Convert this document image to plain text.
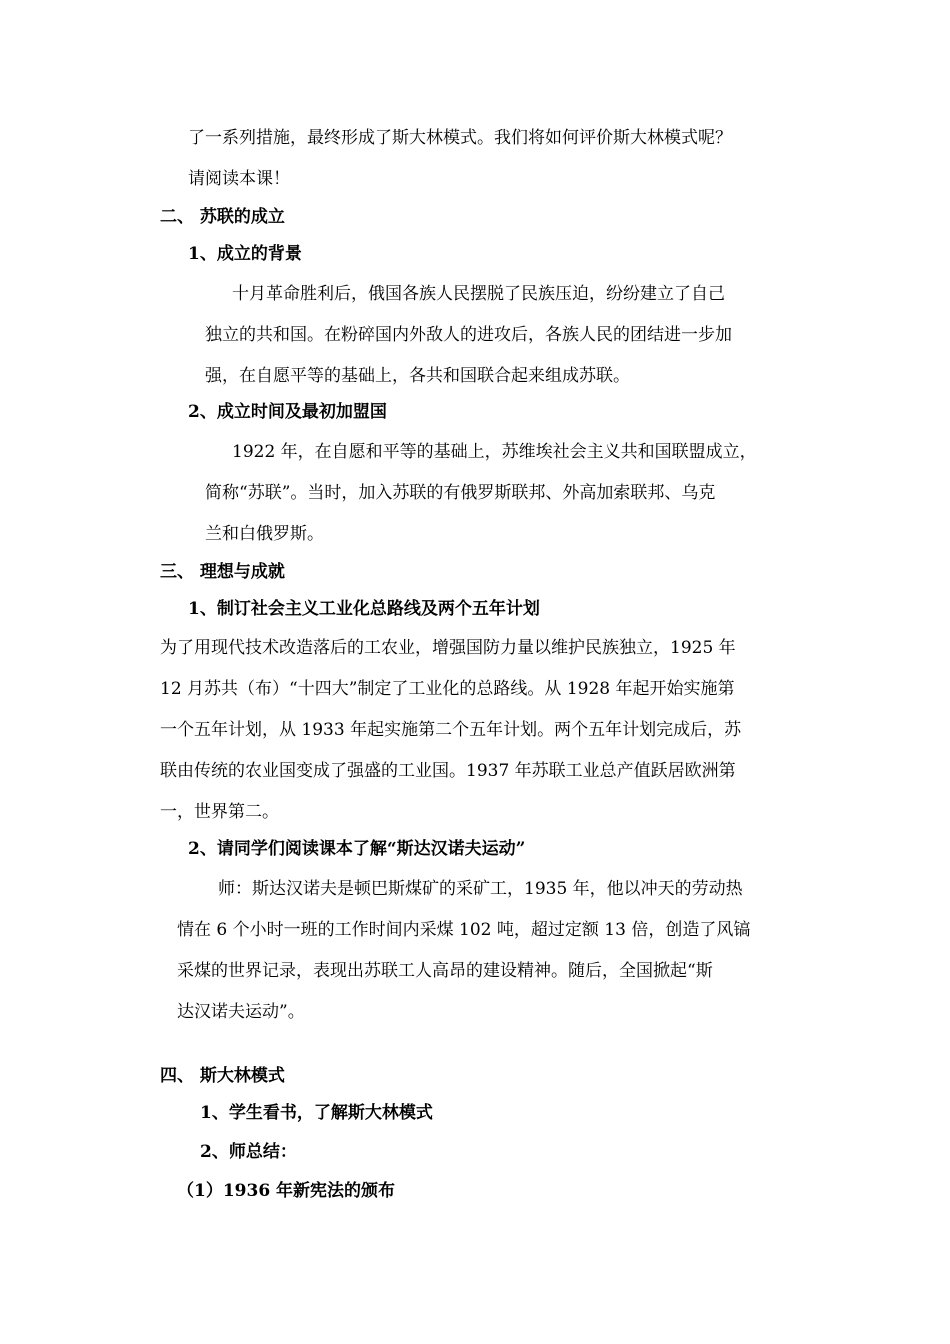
了一系列措施，最终形成了斯大林模式。我们将如何评价斯大林模式呢？
请阅读本课！
二、 苏联的成立
1、成立的背景
十月革命胜利后，俄国各族人民摆脱了民族压迫，纷纷建立了自己
独立的共和国。在粉碎国内外敌人的进攻后，各族人民的团结进一步加
强，在自愿平等的基础上，各共和国联合起来组成苏联。
2、成立时间及最初加盟国
1922 年，在自愿和平等的基础上，苏维埃社会主义共和国联盟成立，
简称“苏联”。当时，加入苏联的有俄罗斯联邦、外高加索联邦、乌克
兰和白俄罗斯。
三、 理想与成就
1、制订社会主义工业化总路线及两个五年计划
为了用现代技术改造落后的工农业，增强国防力量以维护民族独立，1925 年
12 月苏共（布）“十四大”制定了工业化的总路线。从 1928 年起开始实施第
一个五年计划，从 1933 年起实施第二个五年计划。两个五年计划完成后，苏
联由传统的农业国变成了强盛的工业国。1937 年苏联工业总产值跃居欧洲第
一，世界第二。
2、请同学们阅读课本了解“斯达汉诺夫运动”
师：斯达汉诺夫是顿巴斯煤矿的采矿工，1935 年，他以冲天的劳动热
情在 6 个小时一班的工作时间内采煤 102 吨，超过定额 13 倍，创造了风镐
采煤的世界记录，表现出苏联工人高昂的建设精神。随后，全国掀起“斯
达汉诺夫运动”。
四、 斯大林模式
1、学生看书，了解斯大林模式
2、师总结：
（1）1936 年新宪法的颁布
